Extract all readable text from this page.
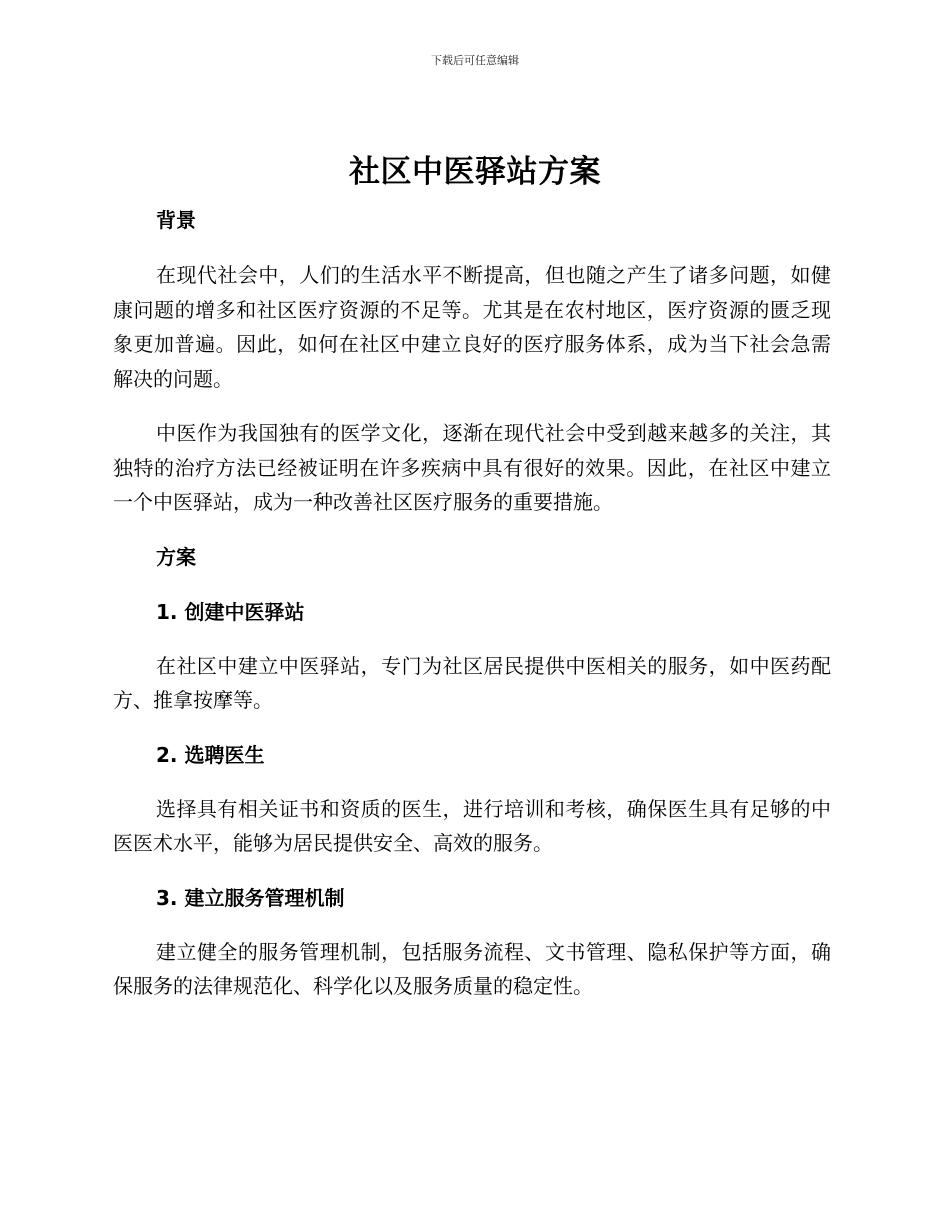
下载后可任意编辑
社区中医驿站方案
背景

在现代社会中，人们的生活水平不断提高，但也随之产生了诸多问题，如健康问题的增多和社区医疗资源的不足等。尤其是在农村地区，医疗资源的匮乏现象更加普遍。因此，如何在社区中建立良好的医疗服务体系，成为当下社会急需解决的问题。

中医作为我国独有的医学文化，逐渐在现代社会中受到越来越多的关注，其独特的治疗方法已经被证明在许多疾病中具有很好的效果。因此，在社区中建立一个中医驿站，成为一种改善社区医疗服务的重要措施。

方案
1. 创建中医驿站

在社区中建立中医驿站，专门为社区居民提供中医相关的服务，如中医药配方、推拿按摩等。

2. 选聘医生

选择具有相关证书和资质的医生，进行培训和考核，确保医生具有足够的中医医术水平，能够为居民提供安全、高效的服务。

3. 建立服务管理机制

建立健全的服务管理机制，包括服务流程、文书管理、隐私保护等方面，确保服务的法律规范化、科学化以及服务质量的稳定性。
